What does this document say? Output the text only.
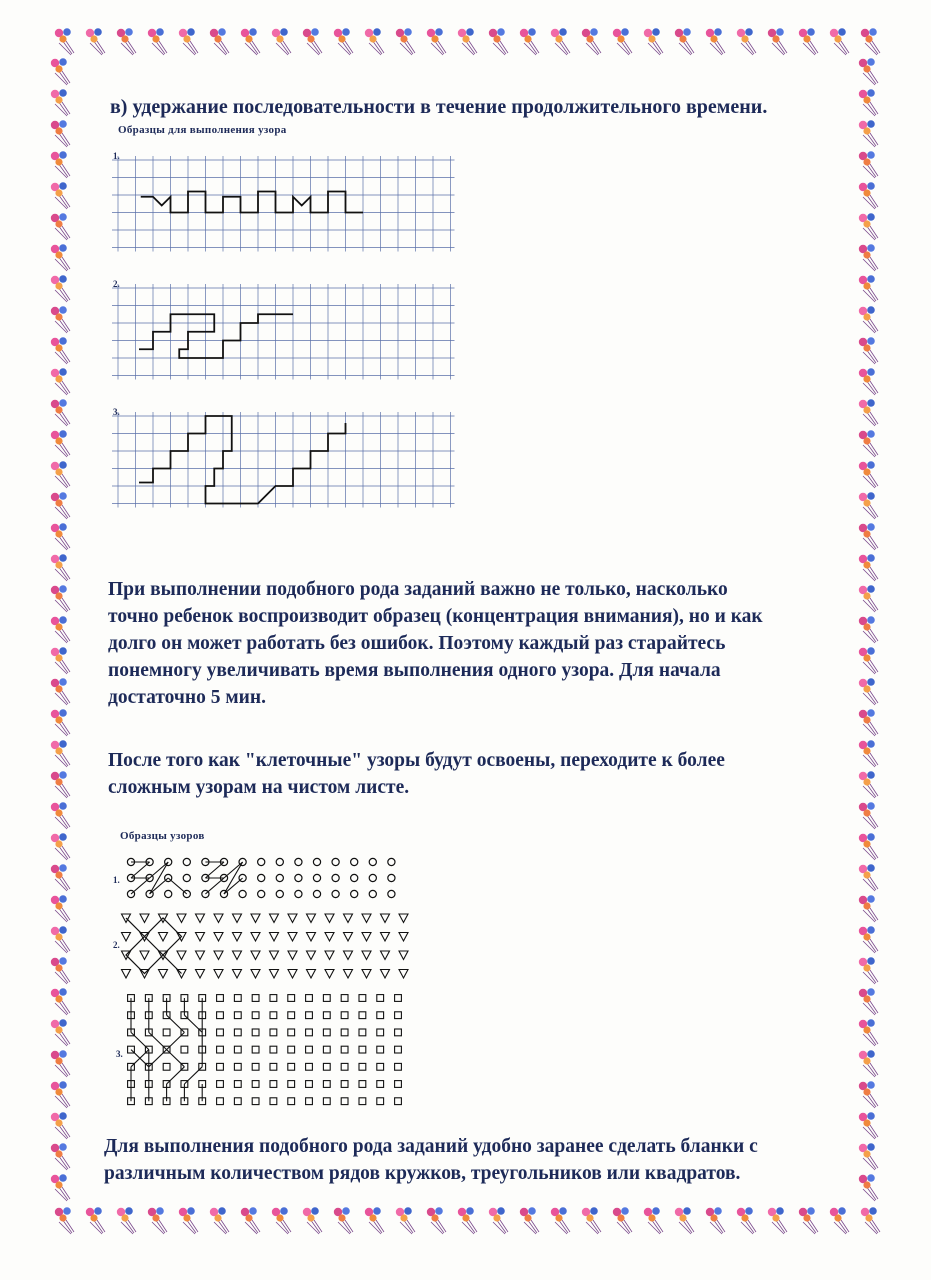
в) удержание последовательности в течение продолжительного времени.
Образцы для выполнения узора
1.
2.
3.
При выполнении подобного рода заданий важно не только, насколько
точно ребенок воспроизводит образец (концентрация внимания), но и как
долго он может работать без ошибок. Поэтому каждый раз старайтесь
понемногу увеличивать время выполнения одного узора. Для начала
достаточно 5 мин.
После того как "клеточные" узоры будут освоены, переходите к более
сложным узорам на чистом листе.
Образцы узоров
1.
2.
3.
Для выполнения подобного рода заданий удобно заранее сделать бланки с
различным количеством рядов кружков, треугольников или квадратов.
